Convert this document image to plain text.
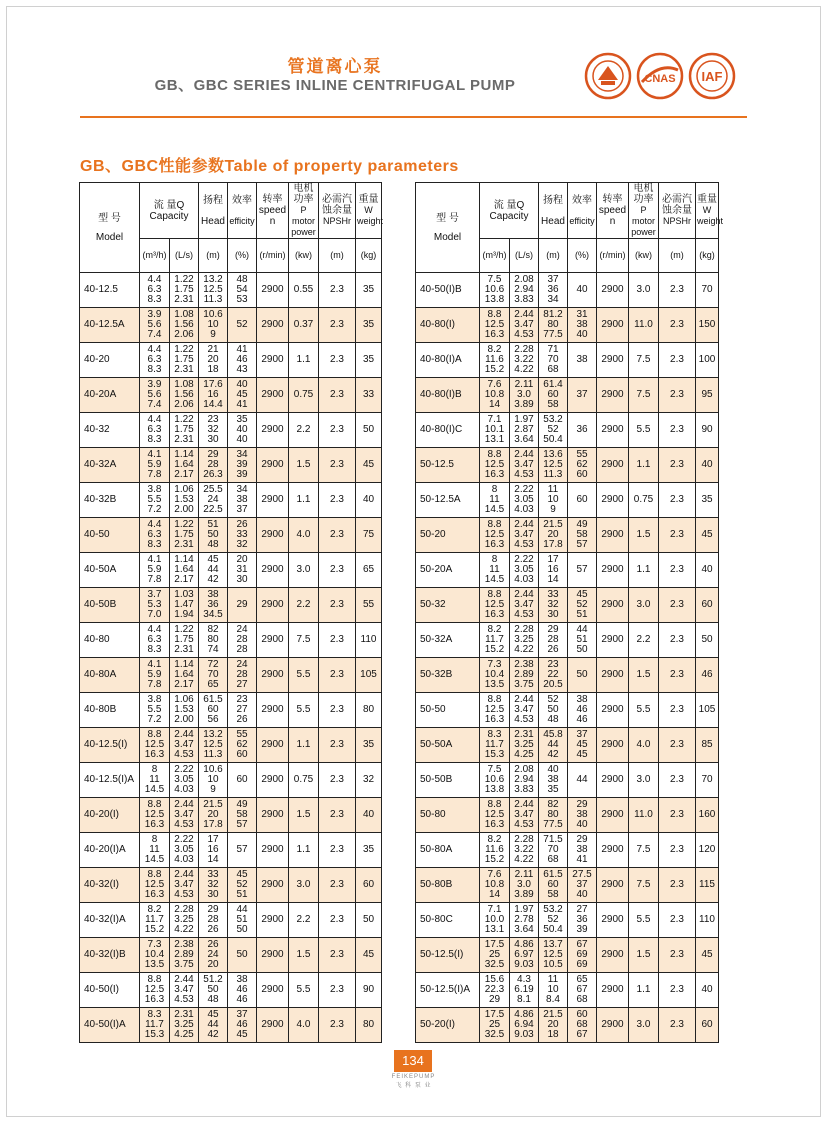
管道离心泵
GB、GBC SERIES INLINE CENTRIFUGAL PUMP	CNAS IAF
GB、GBC性能参数Table of property parameters
型 号
Model	流 量Q
Capacity		扬程
Head	效率
efficity	转率
speed n	电机功率
P motor power	必需汽蚀余量
NPSHr	重量
W weight

	(m³/h)	(L/s)	(m)	(%)	(r/min)	(kw)	(m)	(kg)
40-12.5	4.4
6.3
8.3	1.22
1.75
2.31	13.2
12.5
11.3	48
54
53	2900	0.55	2.3	35
40-12.5A	3.9
5.6
7.4	1.08
1.56
2.06	10.6
10
9	52	2900	0.37	2.3	35
40-20	4.4
6.3
8.3	1.22
1.75
2.31	21
20
18	41
46
43	2900	1.1	2.3	35
40-20A	3.9
5.6
7.4	1.08
1.56
2.06	17.6
16
14.4	40
45
41	2900	0.75	2.3	33
40-32	4.4
6.3
8.3	1.22
1.75
2.31	23
32
30	35
40
40	2900	2.2	2.3	50
40-32A	4.1
5.9
7.8	1.14
1.64
2.17	29
28
26.3	34
39
39	2900	1.5	2.3	45
40-32B	3.8
5.5
7.2	1.06
1.53
2.00	25.5
24
22.5	34
38
37	2900	1.1	2.3	40
40-50	4.4
6.3
8.3	1.22
1.75
2.31	51
50
48	26
33
32	2900	4.0	2.3	75
40-50A	4.1
5.9
7.8	1.14
1.64
2.17	45
44
42	20
31
30	2900	3.0	2.3	65
40-50B	3.7
5.3
7.0	1.03
1.47
1.94	38
36
34.5	29	2900	2.2	2.3	55
40-80	4.4
6.3
8.3	1.22
1.75
2.31	82
80
74	24
28
28	2900	7.5	2.3	110
40-80A	4.1
5.9
7.8	1.14
1.64
2.17	72
70
65	24
28
27	2900	5.5	2.3	105
40-80B	3.8
5.5
7.2	1.06
1.53
2.00	61.5
60
56	23
27
26	2900	5.5	2.3	80
40-12.5(I)	8.8
12.5
16.3	2.44
3.47
4.53	13.2
12.5
11.3	55
62
60	2900	1.1	2.3	35
40-12.5(I)A	8
11
14.5	2.22
3.05
4.03	10.6
10
9	60	2900	0.75	2.3	32
40-20(I)	8.8
12.5
16.3	2.44
3.47
4.53	21.5
20
17.8	49
58
57	2900	1.5	2.3	40
40-20(I)A	8
11
14.5	2.22
3.05
4.03	17
16
14	57	2900	1.1	2.3	35
40-32(I)	8.8
12.5
16.3	2.44
3.47
4.53	33
32
30	45
52
51	2900	3.0	2.3	60
40-32(I)A	8.2
11.7
15.2	2.28
3.25
4.22	29
28
26	44
51
50	2900	2.2	2.3	50
40-32(I)B	7.3
10.4
13.5	2.38
2.89
3.75	26
24
20	50	2900	1.5	2.3	45
40-50(I)	8.8
12.5
16.3	2.44
3.47
4.53	51.2
50
48	38
46
46	2900	5.5	2.3	90
40-50(I)A	8.3
11.7
15.3	2.31
3.25
4.25	45
44
42	37
46
45	2900	4.0	2.3	80
型 号
Model	流 量Q
Capacity		扬程
Head	效率
efficity	转率
speed n	电机功率
P motor power	必需汽蚀余量
NPSHr	重量
W weight

	(m³/h)	(L/s)	(m)	(%)	(r/min)	(kw)	(m)	(kg)
40-50(I)B	7.5
10.6
13.8	2.08
2.94
3.83	37
36
34	40	2900	3.0	2.3	70
40-80(I)	8.8
12.5
16.3	2.44
3.47
4.53	81.2
80
77.5	31
38
40	2900	11.0	2.3	150
40-80(I)A	8.2
11.6
15.2	2.28
3.22
4.22	71
70
68	38	2900	7.5	2.3	100
40-80(I)B	7.6
10.8
14	2.11
3.0
3.89	61.4
60
58	37	2900	7.5	2.3	95
40-80(I)C	7.1
10.1
13.1	1.97
2.87
3.64	53.2
52
50.4	36	2900	5.5	2.3	90
50-12.5	8.8
12.5
16.3	2.44
3.47
4.53	13.6
12.5
11.3	55
62
60	2900	1.1	2.3	40
50-12.5A	8
11
14.5	2.22
3.05
4.03	11
10
9	60	2900	0.75	2.3	35
50-20	8.8
12.5
16.3	2.44
3.47
4.53	21.5
20
17.8	49
58
57	2900	1.5	2.3	45
50-20A	8
11
14.5	2.22
3.05
4.03	17
16
14	57	2900	1.1	2.3	40
50-32	8.8
12.5
16.3	2.44
3.47
4.53	33
32
30	45
52
51	2900	3.0	2.3	60
50-32A	8.2
11.7
15.2	2.28
3.25
4.22	29
28
26	44
51
50	2900	2.2	2.3	50
50-32B	7.3
10.4
13.5	2.38
2.89
3.75	23
22
20.5	50	2900	1.5	2.3	46
50-50	8.8
12.5
16.3	2.44
3.47
4.53	52
50
48	38
46
46	2900	5.5	2.3	105
50-50A	8.3
11.7
15.3	2.31
3.25
4.25	45.8
44
42	37
45
45	2900	4.0	2.3	85
50-50B	7.5
10.6
13.8	2.08
2.94
3.83	40
38
35	44	2900	3.0	2.3	70
50-80	8.8
12.5
16.3	2.44
3.47
4.53	82
80
77.5	29
38
40	2900	11.0	2.3	160
50-80A	8.2
11.6
15.2	2.28
3.22
4.22	71.5
70
68	29
38
41	2900	7.5	2.3	120
50-80B	7.6
10.8
14	2.11
3.0
3.89	61.5
60
58	27.5
37
40	2900	7.5	2.3	115
50-80C	7.1
10.0
13.1	1.97
2.78
3.64	53.2
52
50.4	27
36
39	2900	5.5	2.3	110
50-12.5(I)	17.5
25
32.5	4.86
6.97
9.03	13.7
12.5
10.5	67
69
69	2900	1.5	2.3	45
50-12.5(I)A	15.6
22.3
29	4.3
6.19
8.1	11
10
8.4	65
67
68	2900	1.1	2.3	40
50-20(I)	17.5
25
32.5	4.86
6.94
9.03	21.5
20
18	60
68
67	2900	3.0	2.3	60
134
FEIKEPUMP
飞 科 泵 业
